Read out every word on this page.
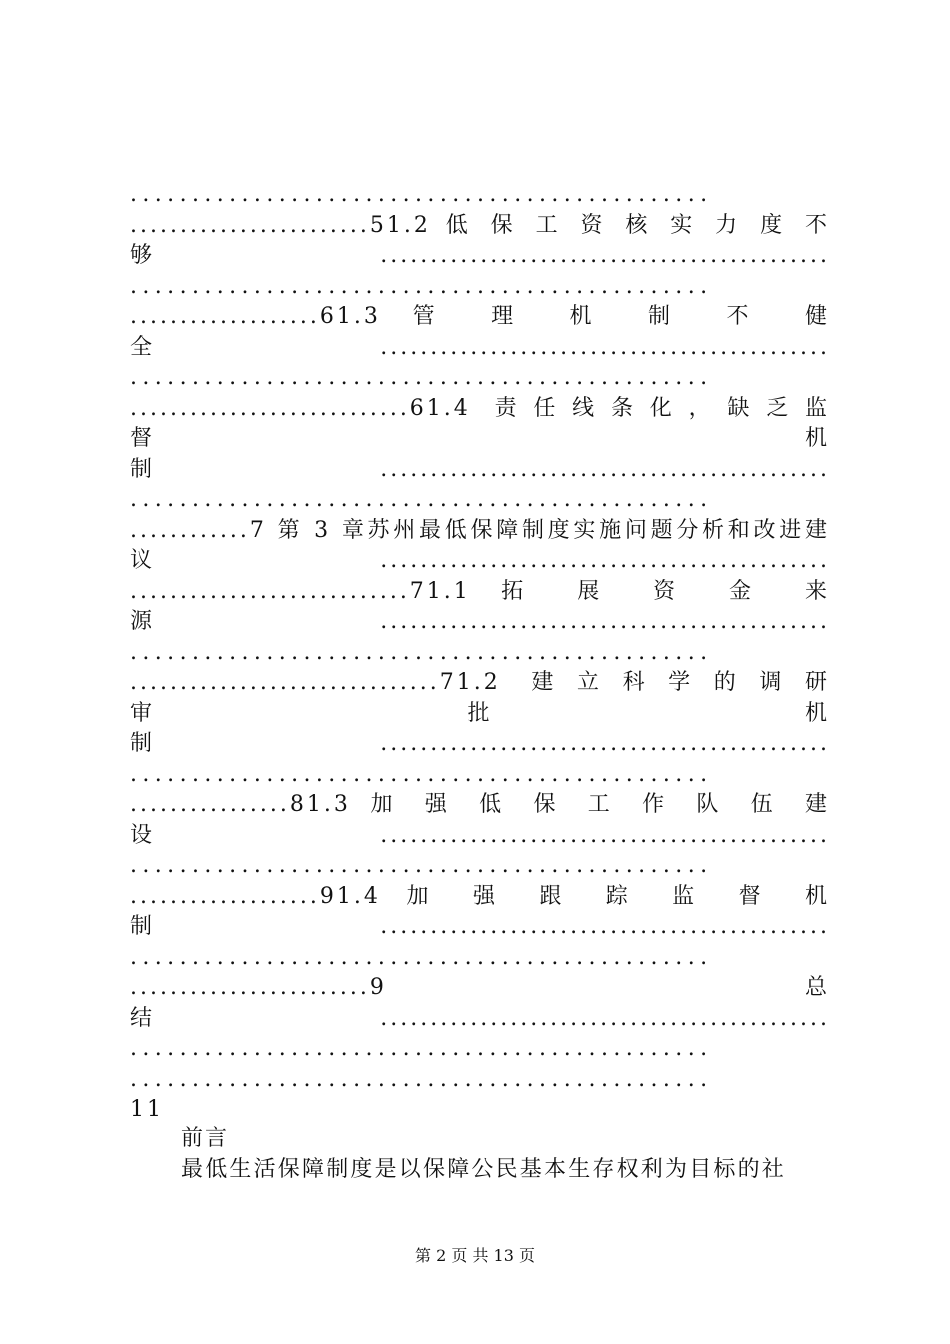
...............................................
........................51.2 低 保 工 资 核 实 力 度 不
够.............................................
...............................................
...................61.3 管 理 机 制 不 健
全.............................................
...............................................
............................61.4 责任线条化，缺乏监
督 机
制.............................................
...............................................
............7 第 3 章苏州最低保障制度实施问题分析和改进建
议.............................................
............................71.1 拓 展 资 金 来
源.............................................
...............................................
...............................71.2 建立科学的调研
审 批 机
制.............................................
...............................................
................81.3 加 强 低 保 工 作 队 伍 建
设.............................................
...............................................
...................91.4 加 强 跟 踪 监 督 机
制.............................................
...............................................
........................9 总
结.............................................
...............................................
...............................................
11
前言
最低生活保障制度是以保障公民基本生存权利为目标的社
第 2 页 共 13 页
